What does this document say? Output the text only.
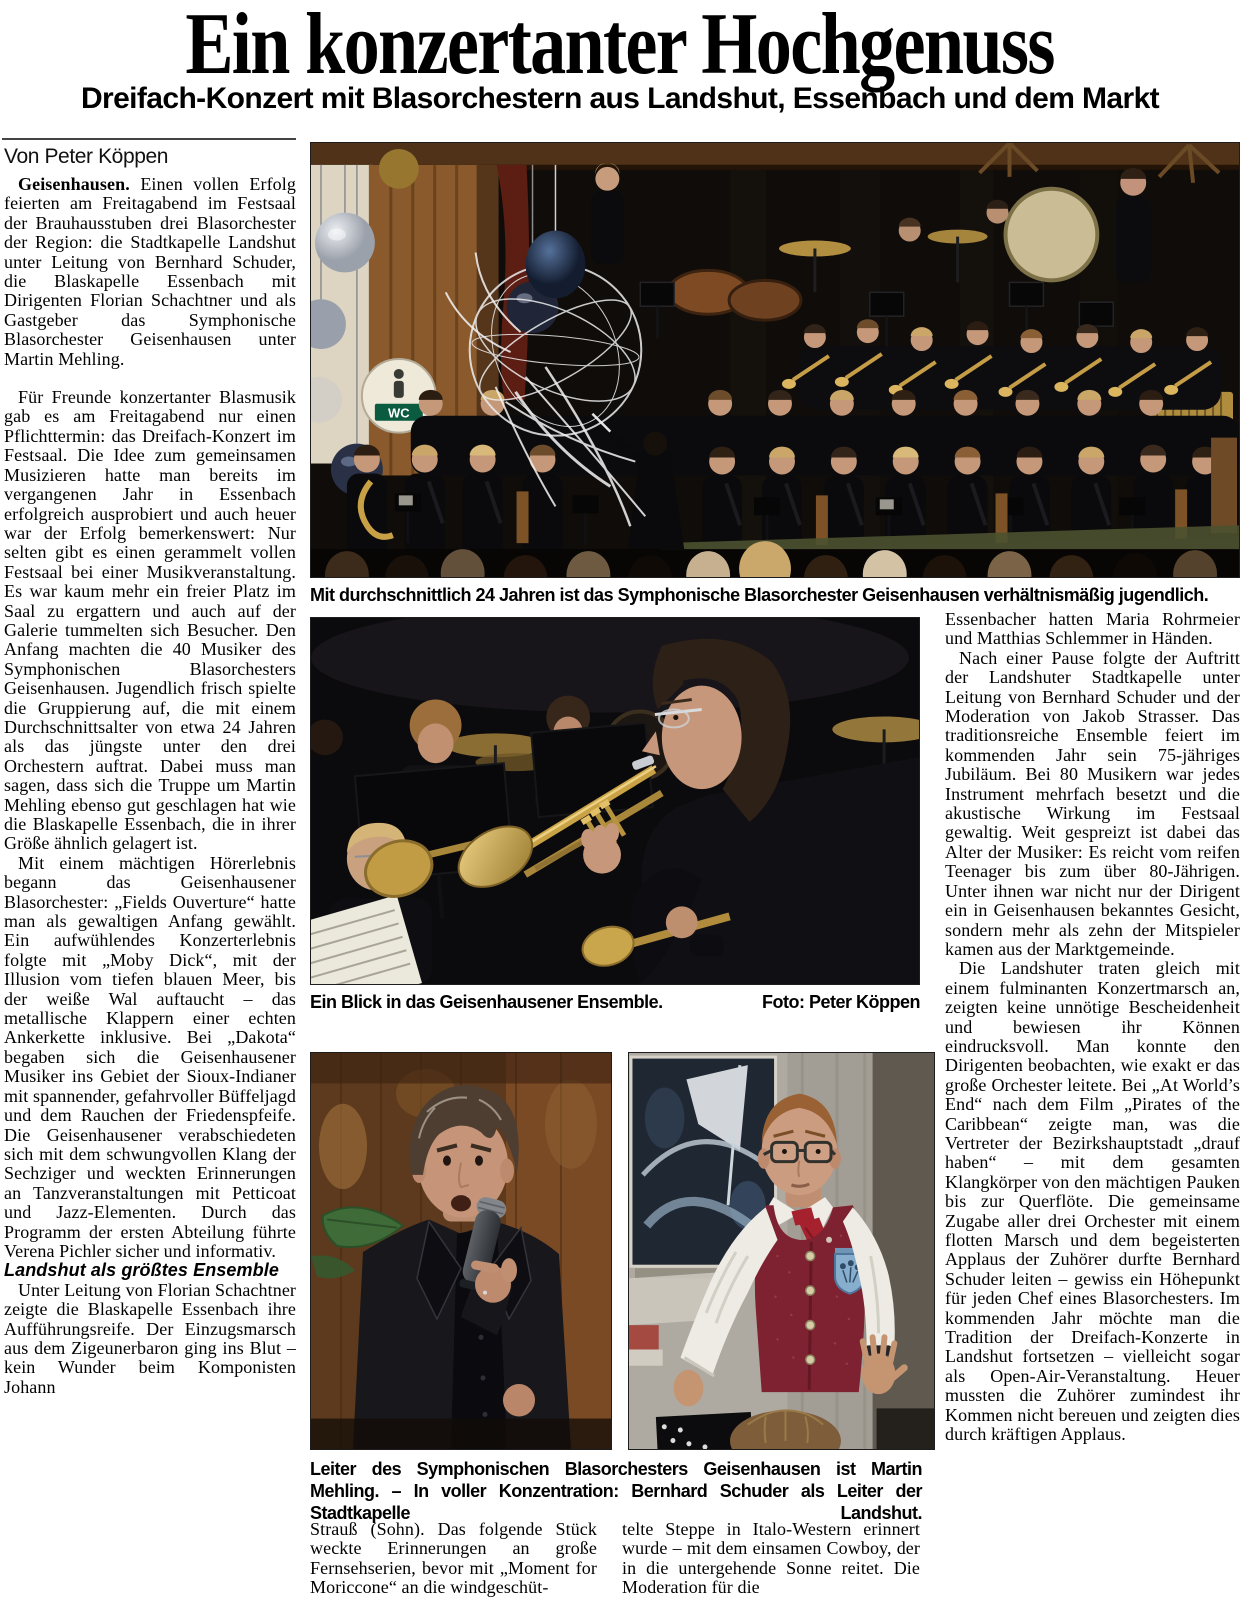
Ein konzertanter Hochgenuss
Dreifach-Konzert mit Blasorchestern aus Landshut, Essenbach und dem Markt
Von Peter Köppen

Geisenhausen. Einen vollen Erfolg feierten am Freitagabend im Festsaal der Brauhausstuben drei Blasorchester der Region: die Stadtkapelle Landshut unter Leitung von Bernhard Schuder, die Blaskapelle Essenbach mit Dirigenten Florian Schachtner und als Gastgeber das Symphonische Blasorchester Geisenhausen unter Martin Mehling.

Für Freunde konzertanter Blasmusik gab es am Freitagabend nur einen Pflichttermin: das Dreifach-Konzert im Festsaal. Die Idee zum gemeinsamen Musizieren hatte man bereits im vergangenen Jahr in Essenbach erfolgreich ausprobiert und auch heuer war der Erfolg bemerkenswert: Nur selten gibt es einen gerammelt vollen Festsaal bei einer Musikveranstaltung. Es war kaum mehr ein freier Platz im Saal zu ergattern und auch auf der Galerie tummelten sich Besucher. Den Anfang machten die 40 Musiker des Symphonischen Blasorchesters Geisenhausen. Jugendlich frisch spielte die Gruppierung auf, die mit einem Durchschnittsalter von etwa 24 Jahren als das jüngste unter den drei Orchestern auftrat. Dabei muss man sagen, dass sich die Truppe um Martin Mehling ebenso gut geschlagen hat wie die Blaskapelle Essenbach, die in ihrer Größe ähnlich gelagert ist.

Mit einem mächtigen Hörerlebnis begann das Geisenhausener Blasorchester: „Fields Ouverture“ hatte man als gewaltigen Anfang gewählt. Ein aufwühlendes Konzerterlebnis folgte mit „Moby Dick“, mit der Illusion vom tiefen blauen Meer, bis der weiße Wal auftaucht – das metallische Klappern einer echten Ankerkette inklusive. Bei „Dakota“ begaben sich die Geisenhausener Musiker ins Gebiet der Sioux-Indianer mit spannender, gefahrvoller Büffeljagd und dem Rauchen der Friedenspfeife. Die Geisenhausener verabschiedeten sich mit dem schwungvollen Klang der Sechziger und weckten Erinnerungen an Tanzveranstaltungen mit Petticoat und Jazz-Elementen. Durch das Programm der ersten Abteilung führte Verena Pichler sicher und informativ.

Landshut als größtes Ensemble

Unter Leitung von Florian Schachtner zeigte die Blaskapelle Essenbach ihre Aufführungsreife. Der Einzugsmarsch aus dem Zigeunerbaron ging ins Blut – kein Wunder beim Komponisten Johann

WC
Mit durchschnittlich 24 Jahren ist das Symphonische Blasorchester Geisenhausen verhältnismäßig jugendlich.
Ein Blick in das Geisenhausener Ensemble.	Foto: Peter Köppen
Leiter des Symphonischen Blasorchesters Geisenhausen ist Martin Mehling. – In voller Konzentration: Bernhard Schuder als Leiter der Stadtkapelle Landshut.

Strauß (Sohn). Das folgende Stück weckte Erinnerungen an große Fernsehserien, bevor mit „Moment for Moriccone“ an die windgeschüt-

telte Steppe in Italo-Western erinnert wurde – mit dem einsamen Cowboy, der in die untergehende Sonne reitet. Die Moderation für die

Essenbacher hatten Maria Rohrmeier und Matthias Schlemmer in Händen.

Nach einer Pause folgte der Auftritt der Landshuter Stadtkapelle unter Leitung von Bernhard Schuder und der Moderation von Jakob Strasser. Das traditionsreiche Ensemble feiert im kommenden Jahr sein 75-jähriges Jubiläum. Bei 80 Musikern war jedes Instrument mehrfach besetzt und die akustische Wirkung im Festsaal gewaltig. Weit gespreizt ist dabei das Alter der Musiker: Es reicht vom reifen Teenager bis zum über 80-Jährigen. Unter ihnen war nicht nur der Dirigent ein in Geisenhausen bekanntes Gesicht, sondern mehr als zehn der Mitspieler kamen aus der Marktgemeinde.

Die Landshuter traten gleich mit einem fulminanten Konzertmarsch an, zeigten keine unnötige Bescheidenheit und bewiesen ihr Können eindrucksvoll. Man konnte den Dirigenten beobachten, wie exakt er das große Orchester leitete. Bei „At World’s End“ nach dem Film „Pirates of the Caribbean“ zeigte man, was die Vertreter der Bezirkshauptstadt „drauf haben“ – mit dem gesamten Klangkörper von den mächtigen Pauken bis zur Querflöte. Die gemeinsame Zugabe aller drei Orchester mit einem flotten Marsch und dem begeisterten Applaus der Zuhörer durfte Bernhard Schuder leiten – gewiss ein Höhepunkt für jeden Chef eines Blasorchesters. Im kommenden Jahr möchte man die Tradition der Dreifach-Konzerte in Landshut fortsetzen – vielleicht sogar als Open-Air-Veranstaltung. Heuer mussten die Zuhörer zumindest ihr Kommen nicht bereuen und zeigten dies durch kräftigen Applaus.
